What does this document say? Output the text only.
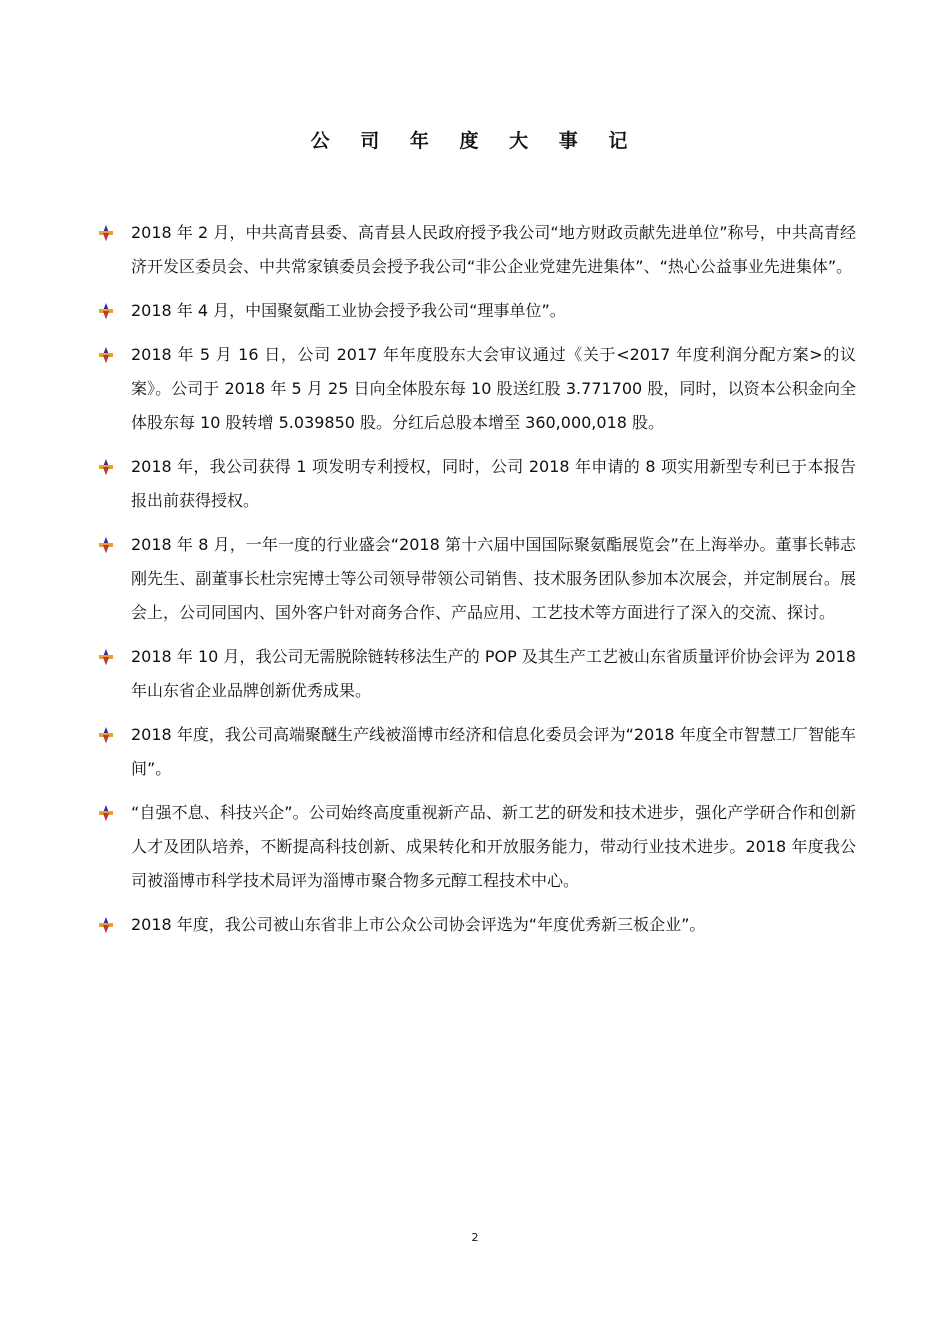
公 司 年 度 大 事 记
2018 年 2 月，中共高青县委、高青县人民政府授予我公司“地方财政贡献先进单位”称号，中共高青经济开发区委员会、中共常家镇委员会授予我公司“非公企业党建先进集体”、“热心公益事业先进集体”。
2018 年 4 月，中国聚氨酯工业协会授予我公司“理事单位”。
2018 年 5 月 16 日，公司 2017 年年度股东大会审议通过《关于<2017 年度利润分配方案>的议案》。公司于 2018 年 5 月 25 日向全体股东每 10 股送红股 3.771700 股，同时，以资本公积金向全体股东每 10 股转增 5.039850 股。分红后总股本增至 360,000,018 股。
2018 年，我公司获得 1 项发明专利授权，同时，公司 2018 年申请的 8 项实用新型专利已于本报告报出前获得授权。
2018 年 8 月，一年一度的行业盛会“2018 第十六届中国国际聚氨酯展览会”在上海举办。董事长韩志刚先生、副董事长杜宗宪博士等公司领导带领公司销售、技术服务团队参加本次展会，并定制展台。展会上，公司同国内、国外客户针对商务合作、产品应用、工艺技术等方面进行了深入的交流、探讨。
2018 年 10 月，我公司无需脱除链转移法生产的 POP 及其生产工艺被山东省质量评价协会评为 2018 年山东省企业品牌创新优秀成果。
2018 年度，我公司高端聚醚生产线被淄博市经济和信息化委员会评为“2018 年度全市智慧工厂智能车间”。
“自强不息、科技兴企”。公司始终高度重视新产品、新工艺的研发和技术进步，强化产学研合作和创新人才及团队培养，不断提高科技创新、成果转化和开放服务能力，带动行业技术进步。2018 年度我公司被淄博市科学技术局评为淄博市聚合物多元醇工程技术中心。
2018 年度，我公司被山东省非上市公众公司协会评选为“年度优秀新三板企业”。
2
